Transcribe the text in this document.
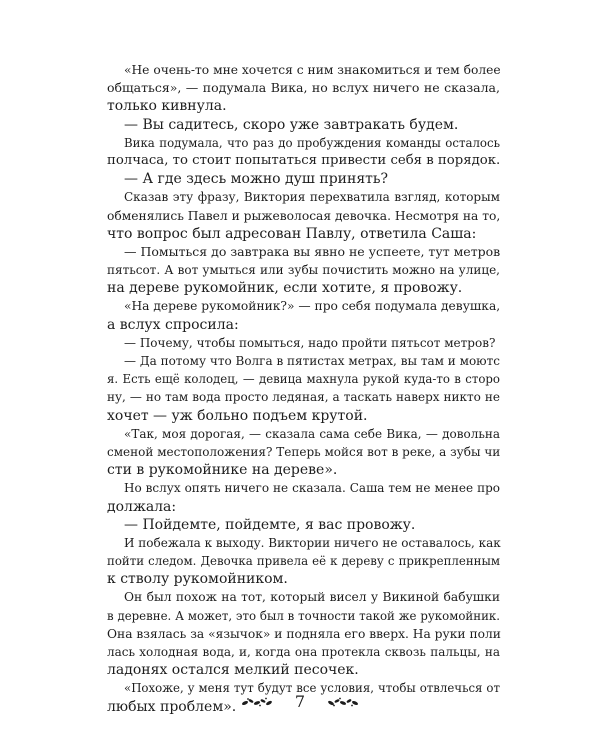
«Не очень-то мне хочется с ним знакомиться и тем более
общаться», — подумала Вика, но вслух ничего не сказала,
только кивнула.
— Вы садитесь, скоро уже завтракать будем.
Вика подумала, что раз до пробуждения команды осталось
полчаса, то стоит попытаться привести себя в порядок.
— А где здесь можно душ принять?
Сказав эту фразу, Виктория перехватила взгляд, которым
обменялись Павел и рыжеволосая девочка. Несмотря на то,
что вопрос был адресован Павлу, ответила Саша:
— Помыться до завтрака вы явно не успеете, тут метров
пятьсот. А вот умыться или зубы почистить можно на улице,
на дереве рукомойник, если хотите, я провожу.
«На дереве рукомойник?» — про себя подумала девушка,
а вслух спросила:
— Почему, чтобы помыться, надо пройти пятьсот метров?
— Да потому что Волга в пятистах метрах, вы там и моютс
я. Есть ещё колодец, — девица махнула рукой куда-то в сторо
ну, — но там вода просто ледяная, а таскать наверх никто не
хочет — уж больно подъем крутой.
«Так, моя дорогая, — сказала сама себе Вика, — довольна
сменой местоположения? Теперь мойся вот в реке, а зубы чи
сти в рукомойнике на дереве».
Но вслух опять ничего не сказала. Саша тем не менее про
должала:
— Пойдемте, пойдемте, я вас провожу.
И побежала к выходу. Виктории ничего не оставалось, как
пойти следом. Девочка привела её к дереву с прикрепленным
к стволу рукомойником.
Он был похож на тот, который висел у Викиной бабушки
в деревне. А может, это был в точности такой же рукомойник.
Она взялась за «язычок» и подняла его вверх. На руки поли
лась холодная вода, и, когда она протекла сквозь пальцы, на
ладонях остался мелкий песочек.
«Похоже, у меня тут будут все условия, чтобы отвлечься от
любых проблем».	7
